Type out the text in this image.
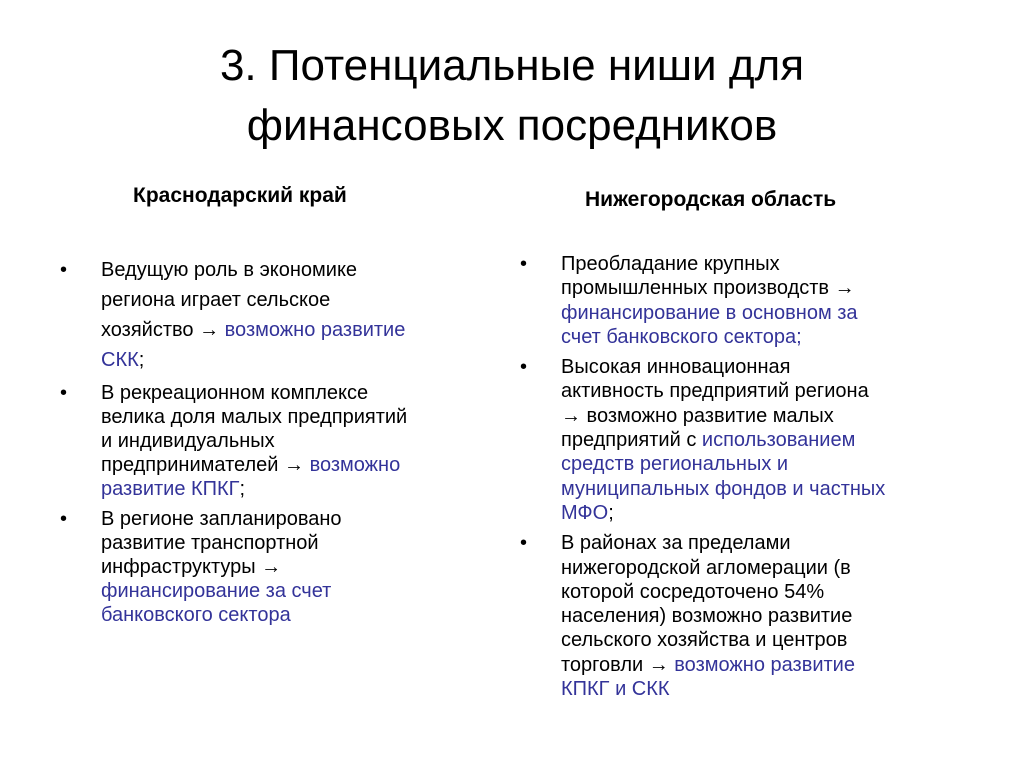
3. Потенциальные ниши для
финансовых посредников
Краснодарский край	Нижегородская область
• Ведущую роль в экономике
региона играет сельское
хозяйство → возможно развитие
СКК;
• В рекреационном комплексе
велика доля малых предприятий
и индивидуальных
предпринимателей → возможно
развитие КПКГ;
• В регионе запланировано
развитие транспортной
инфраструктуры →
финансирование за счет
банковского сектора
• Преобладание крупных
промышленных производств →
финансирование в основном за
счет банковского сектора;
• Высокая инновационная
активность предприятий региона
→ возможно развитие малых
предприятий с использованием
средств региональных и
муниципальных фондов и частных
МФО;
• В районах за пределами
нижегородской агломерации (в
которой сосредоточено 54%
населения) возможно развитие
сельского хозяйства и центров
торговли → возможно развитие
КПКГ и СКК
